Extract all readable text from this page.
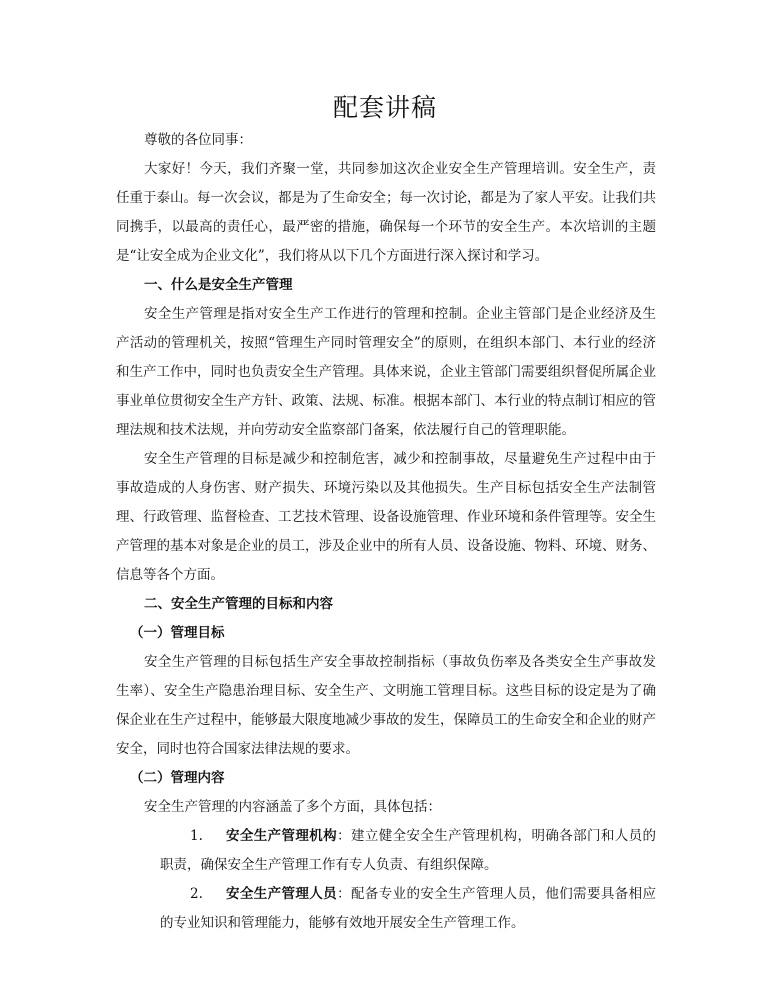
配套讲稿

尊敬的各位同事：

大家好！今天，我们齐聚一堂，共同参加这次企业安全生产管理培训。安全生产，责任重于泰山。每一次会议，都是为了生命安全；每一次讨论，都是为了家人平安。让我们共同携手，以最高的责任心，最严密的措施，确保每一个环节的安全生产。本次培训的主题是“让安全成为企业文化”，我们将从以下几个方面进行深入探讨和学习。

一、什么是安全生产管理

安全生产管理是指对安全生产工作进行的管理和控制。企业主管部门是企业经济及生产活动的管理机关，按照“管理生产同时管理安全”的原则，在组织本部门、本行业的经济和生产工作中，同时也负责安全生产管理。具体来说，企业主管部门需要组织督促所属企业事业单位贯彻安全生产方针、政策、法规、标准。根据本部门、本行业的特点制订相应的管理法规和技术法规，并向劳动安全监察部门备案，依法履行自己的管理职能。

安全生产管理的目标是减少和控制危害，减少和控制事故，尽量避免生产过程中由于事故造成的人身伤害、财产损失、环境污染以及其他损失。生产目标包括安全生产法制管理、行政管理、监督检查、工艺技术管理、设备设施管理、作业环境和条件管理等。安全生产管理的基本对象是企业的员工，涉及企业中的所有人员、设备设施、物料、环境、财务、信息等各个方面。

二、安全生产管理的目标和内容

（一）管理目标

安全生产管理的目标包括生产安全事故控制指标（事故负伤率及各类安全生产事故发生率）、安全生产隐患治理目标、安全生产、文明施工管理目标。这些目标的设定是为了确保企业在生产过程中，能够最大限度地减少事故的发生，保障员工的生命安全和企业的财产安全，同时也符合国家法律法规的要求。

（二）管理内容

安全生产管理的内容涵盖了多个方面，具体包括：

1.	安全生产管理机构：建立健全安全生产管理机构，明确各部门和人员的职责，确保安全生产管理工作有专人负责、有组织保障。
2.	安全生产管理人员：配备专业的安全生产管理人员，他们需要具备相应的专业知识和管理能力，能够有效地开展安全生产管理工作。
